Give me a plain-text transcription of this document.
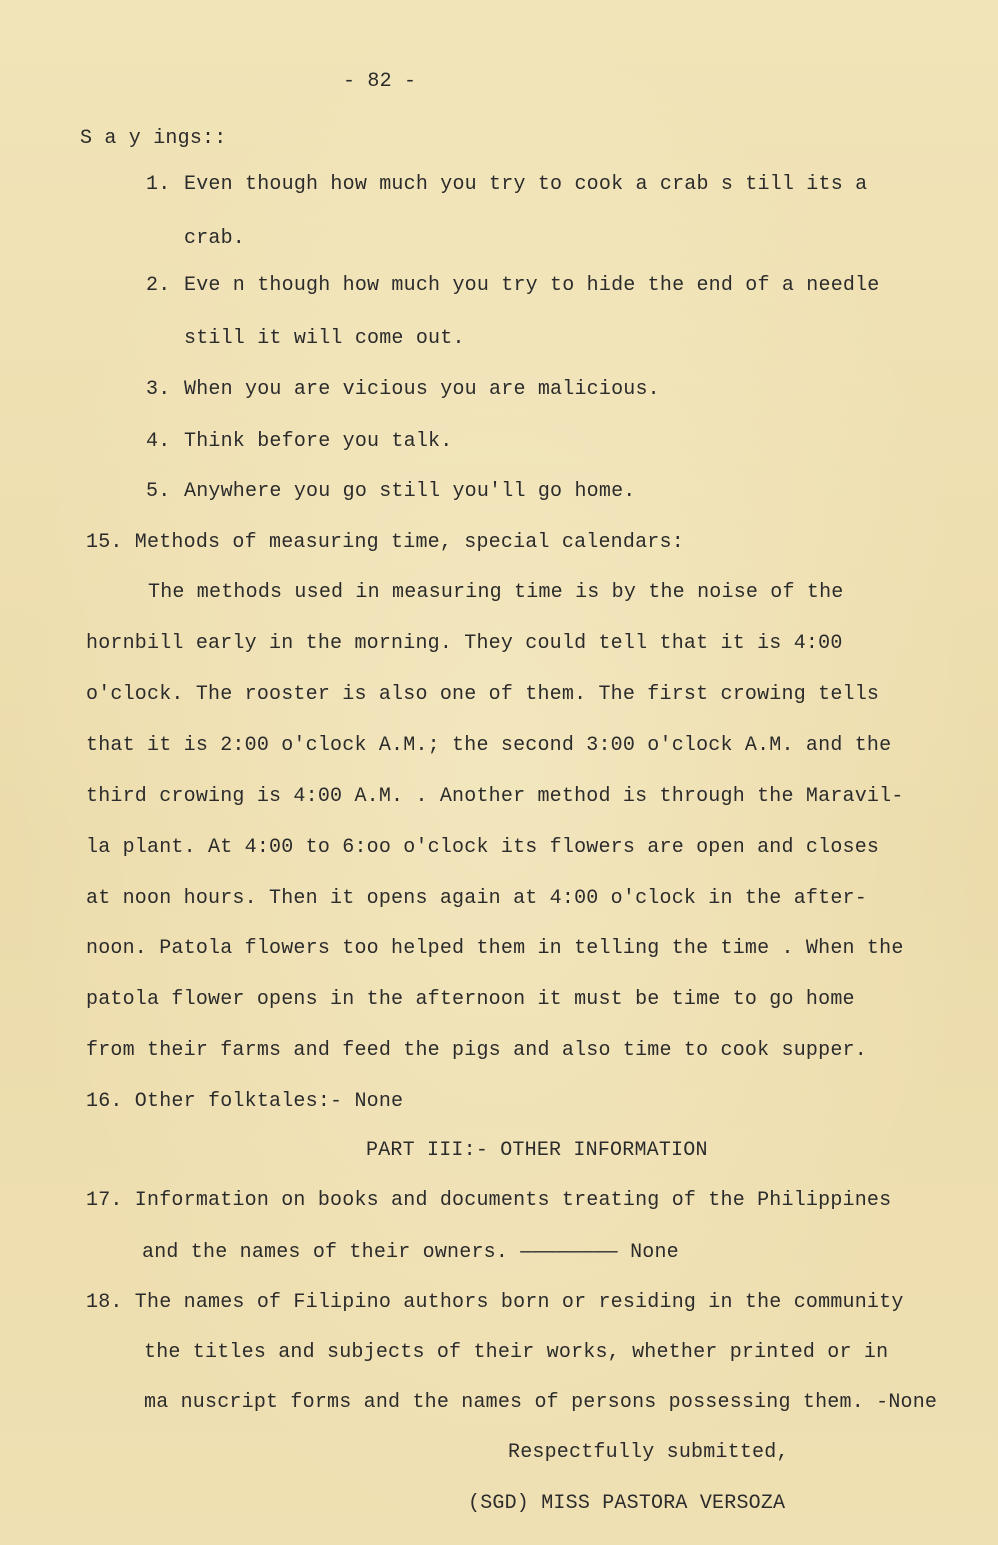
- 82 -
S a y ings::
1. Even though how much you try to cook a crab s till its a
crab.
2. Eve n though how much you try to hide the end of a needle
still it will come out.
3. When you are vicious you are malicious.
4. Think before you talk.
5. Anywhere you go still you'll go home.
15. Methods of measuring time, special calendars:
The methods used in measuring time is by the noise of the
hornbill early in the morning. They could tell that it is 4:00
o'clock. The rooster is also one of them. The first crowing tells
that it is 2:00 o'clock A.M.; the second 3:00 o'clock A.M. and the
third crowing is 4:00 A.M. . Another method is through the Maravil-
la plant. At 4:00 to 6:oo o'clock its flowers are open and closes
at noon hours. Then it opens again at 4:00 o'clock in the after-
noon. Patola flowers too helped them in telling the time . When the
patola flower opens in the afternoon it must be time to go home
from their farms and feed the pigs and also time to cook supper.
16. Other folktales:- None
PART III:- OTHER INFORMATION
17. Information on books and documents treating of the Philippines
and the names of their owners. ———————— None
18. The names of Filipino authors born or residing in the community
the titles and subjects of their works, whether printed or in
ma nuscript forms and the names of persons possessing them. -None
Respectfully submitted,
(SGD) MISS PASTORA VERSOZA
